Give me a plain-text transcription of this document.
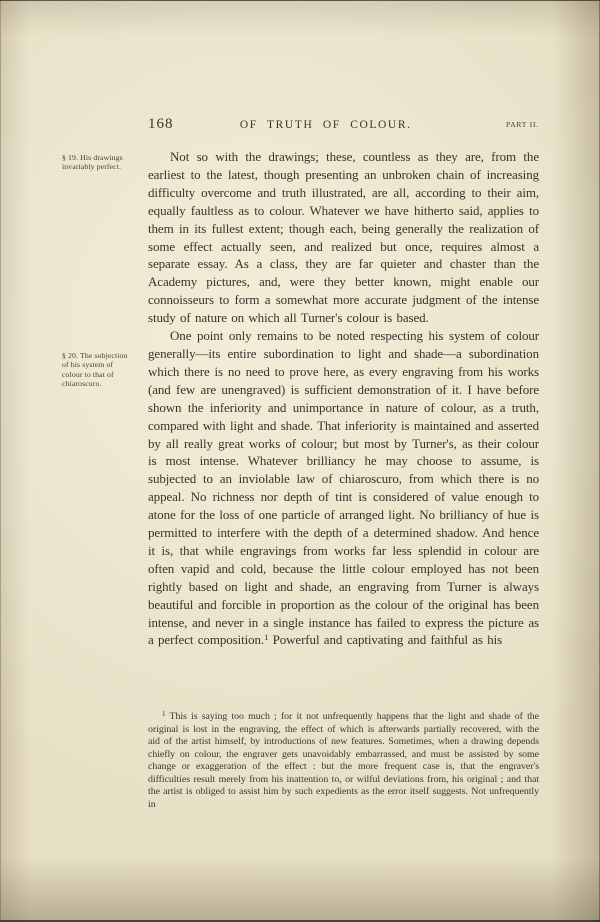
168	OF TRUTH OF COLOUR.	PART II.
§ 19. His drawings invariably perfect.
§ 20. The subjection of his system of colour to that of chiaroscuro.

Not so with the drawings; these, countless as they are, from the earliest to the latest, though presenting an unbroken chain of increasing difficulty overcome and truth illustrated, are all, according to their aim, equally faultless as to colour. Whatever we have hitherto said, applies to them in its fullest extent; though each, being generally the realization of some effect actually seen, and realized but once, requires almost a separate essay. As a class, they are far quieter and chaster than the Academy pictures, and, were they better known, might enable our connoisseurs to form a somewhat more accurate judgment of the intense study of nature on which all Turner's colour is based.

One point only remains to be noted respecting his system of colour generally—its entire subordination to light and shade—a subordination which there is no need to prove here, as every engraving from his works (and few are unengraved) is sufficient demonstration of it. I have before shown the inferiority and unimportance in nature of colour, as a truth, compared with light and shade. That inferiority is maintained and asserted by all really great works of colour; but most by Turner's, as their colour is most intense. Whatever brilliancy he may choose to assume, is subjected to an inviolable law of chiaroscuro, from which there is no appeal. No richness nor depth of tint is considered of value enough to atone for the loss of one particle of arranged light. No brilliancy of hue is permitted to interfere with the depth of a determined shadow. And hence it is, that while engravings from works far less splendid in colour are often vapid and cold, because the little colour employed has not been rightly based on light and shade, an engraving from Turner is always beautiful and forcible in proportion as the colour of the original has been intense, and never in a single instance has failed to express the picture as a perfect composition.$^1$ Powerful and captivating and faithful as his

$^1$ This is saying too much ; for it not unfrequently happens that the light and shade of the original is lost in the engraving, the effect of which is afterwards partially recovered, with the aid of the artist himself, by introductions of new features. Sometimes, when a drawing depends chiefly on colour, the engraver gets unavoidably embarrassed, and must be assisted by some change or exaggeration of the effect : but the more frequent case is, that the engraver's difficulties result merely from his inattention to, or wilful deviations from, his original ; and that the artist is obliged to assist him by such expedients as the error itself suggests. Not unfrequently in
